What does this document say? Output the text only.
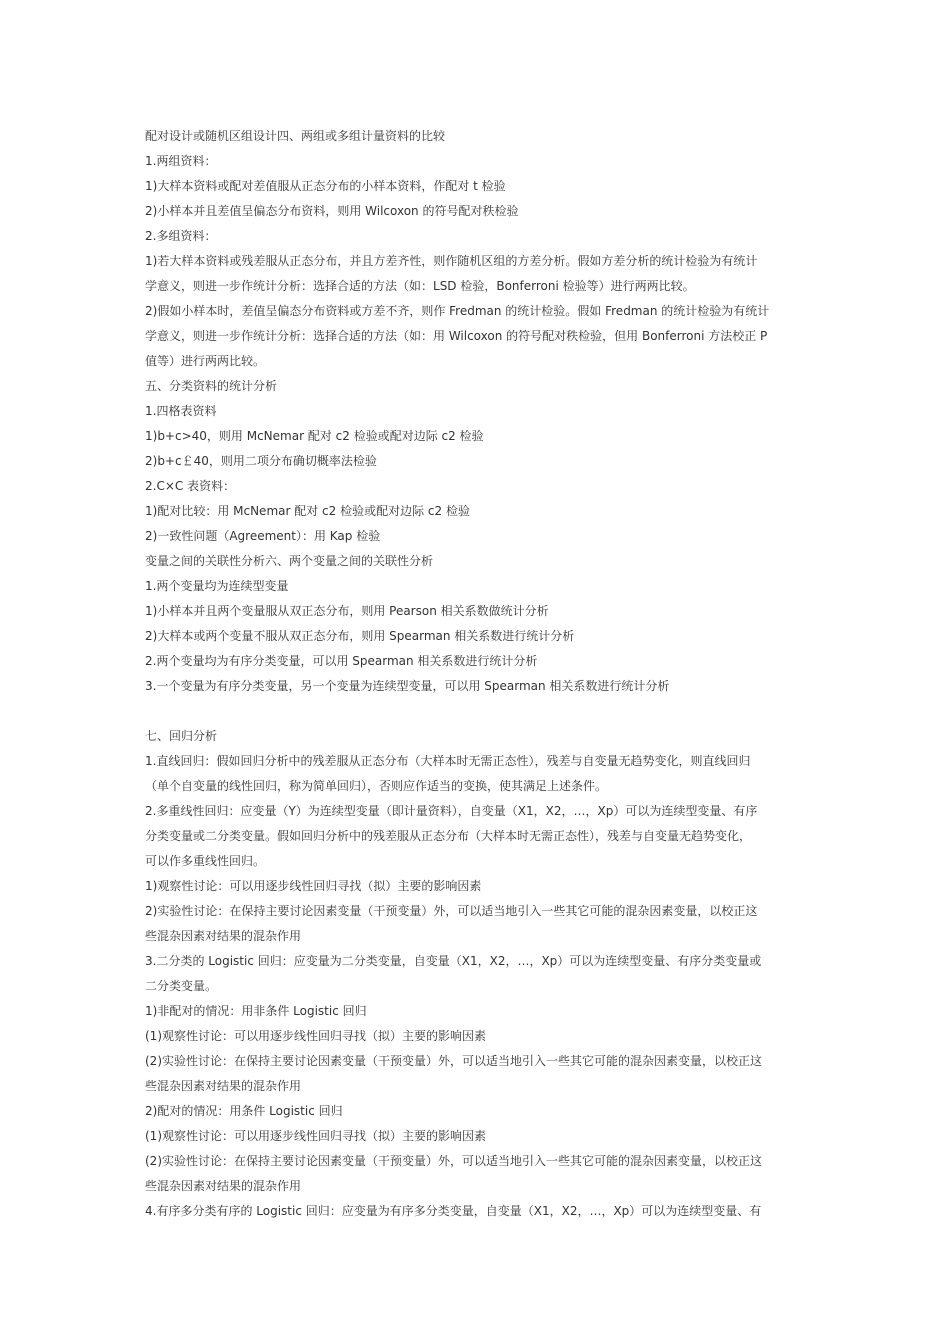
配对设计或随机区组设计四、两组或多组计量资料的比较
1.两组资料：
1)大样本资料或配对差值服从正态分布的小样本资料，作配对 t 检验
2)小样本并且差值呈偏态分布资料，则用 Wilcoxon 的符号配对秩检验
2.多组资料：
1)若大样本资料或残差服从正态分布，并且方差齐性，则作随机区组的方差分析。假如方差分析的统计检验为有统计
学意义，则进一步作统计分析：选择合适的方法（如：LSD 检验，Bonferroni 检验等）进行两两比较。
2)假如小样本时，差值呈偏态分布资料或方差不齐，则作 Fredman 的统计检验。假如 Fredman 的统计检验为有统计
学意义，则进一步作统计分析：选择合适的方法（如：用 Wilcoxon 的符号配对秩检验，但用 Bonferroni 方法校正 P
值等）进行两两比较。
五、分类资料的统计分析
1.四格表资料
1)b+c>40，则用 McNemar 配对 c2 检验或配对边际 c2 检验
2)b+c￡40，则用二项分布确切概率法检验
2.C×C 表资料：
1)配对比较：用 McNemar 配对 c2 检验或配对边际 c2 检验
2)一致性问题（Agreement）：用 Kap 检验
变量之间的关联性分析六、两个变量之间的关联性分析
1.两个变量均为连续型变量
1)小样本并且两个变量服从双正态分布，则用 Pearson 相关系数做统计分析
2)大样本或两个变量不服从双正态分布，则用 Spearman 相关系数进行统计分析
2.两个变量均为有序分类变量，可以用 Spearman 相关系数进行统计分析
3.一个变量为有序分类变量，另一个变量为连续型变量，可以用 Spearman 相关系数进行统计分析
七、回归分析
1.直线回归：假如回归分析中的残差服从正态分布（大样本时无需正态性），残差与自变量无趋势变化，则直线回归
（单个自变量的线性回归，称为简单回归），否则应作适当的变换，使其满足上述条件。
2.多重线性回归：应变量（Y）为连续型变量（即计量资料），自变量（X1，X2，…，Xp）可以为连续型变量、有序
分类变量或二分类变量。假如回归分析中的残差服从正态分布（大样本时无需正态性），残差与自变量无趋势变化，
可以作多重线性回归。
1)观察性讨论：可以用逐步线性回归寻找（拟）主要的影响因素
2)实验性讨论：在保持主要讨论因素变量（干预变量）外，可以适当地引入一些其它可能的混杂因素变量，以校正这
些混杂因素对结果的混杂作用
3.二分类的 Logistic 回归：应变量为二分类变量，自变量（X1，X2，…，Xp）可以为连续型变量、有序分类变量或
二分类变量。
1)非配对的情况：用非条件 Logistic 回归
(1)观察性讨论：可以用逐步线性回归寻找（拟）主要的影响因素
(2)实验性讨论：在保持主要讨论因素变量（干预变量）外，可以适当地引入一些其它可能的混杂因素变量，以校正这
些混杂因素对结果的混杂作用
2)配对的情况：用条件 Logistic 回归
(1)观察性讨论：可以用逐步线性回归寻找（拟）主要的影响因素
(2)实验性讨论：在保持主要讨论因素变量（干预变量）外，可以适当地引入一些其它可能的混杂因素变量，以校正这
些混杂因素对结果的混杂作用
4.有序多分类有序的 Logistic 回归：应变量为有序多分类变量，自变量（X1，X2，…，Xp）可以为连续型变量、有
